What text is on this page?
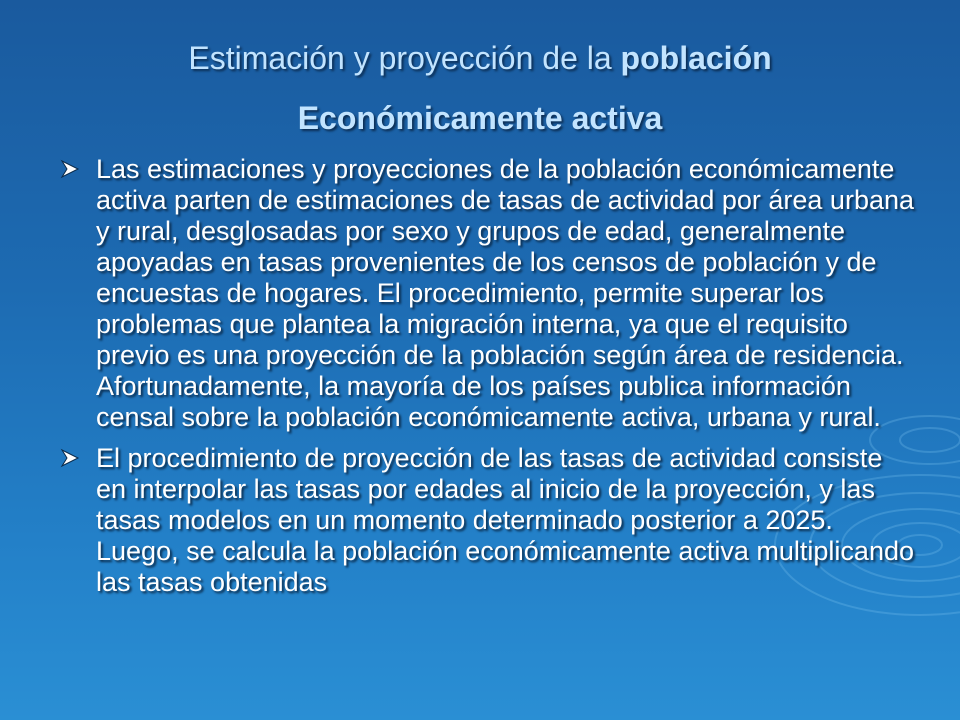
Estimación y proyección de la población
Económicamente activa
Las estimaciones y proyecciones de la población económicamente activa parten de estimaciones de tasas de actividad por área urbana y rural, desglosadas por sexo y grupos de edad, generalmente apoyadas en tasas provenientes de los censos de población y de encuestas de hogares. El procedimiento, permite superar los problemas que plantea la migración interna, ya que el requisito previo es una proyección de la población según área de residencia. Afortunadamente, la mayoría de los países publica información censal sobre la población económicamente activa, urbana y rural.
El procedimiento de proyección de las tasas de actividad consiste en interpolar las tasas por edades al inicio de la proyección, y las tasas modelos en un momento determinado posterior a 2025. Luego, se calcula la población económicamente activa multiplicando las tasas obtenidas
